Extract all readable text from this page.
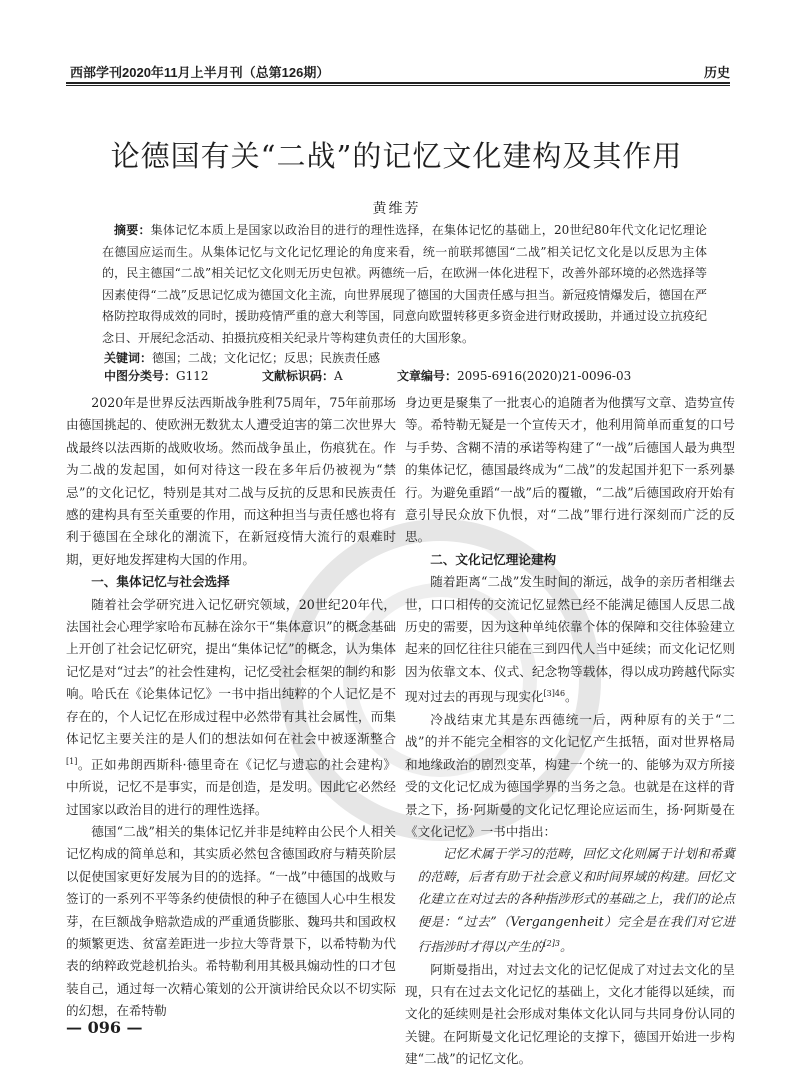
西部学刊2020年11月上半月刊（总第126期）	历史
论德国有关“二战”的记忆文化建构及其作用
黄维芳
摘要：集体记忆本质上是国家以政治目的进行的理性选择，在集体记忆的基础上，20世纪80年代文化记忆理论在德国应运而生。从集体记忆与文化记忆理论的角度来看，统一前联邦德国“二战”相关记忆文化是以反思为主体的，民主德国“二战”相关记忆文化则无历史包袱。两德统一后，在欧洲一体化进程下，改善外部环境的必然选择等因素使得“二战”反思记忆成为德国文化主流，向世界展现了德国的大国责任感与担当。新冠疫情爆发后，德国在严格防控取得成效的同时，援助疫情严重的意大利等国，同意向欧盟转移更多资金进行财政援助，并通过设立抗疫纪念日、开展纪念活动、拍摄抗疫相关纪录片等构建负责任的大国形象。
关键词：德国；二战；文化记忆；反思；民族责任感
中图分类号：G112	文献标识码：A	文章编号：2095-6916(2020)21-0096-03

2020年是世界反法西斯战争胜利75周年，75年前那场由德国挑起的、使欧洲无数犹太人遭受迫害的第二次世界大战最终以法西斯的战败收场。然而战争虽止，伤痕犹在。作为二战的发起国，如何对待这一段在多年后仍被视为“禁忌”的文化记忆，特别是其对二战与反抗的反思和民族责任感的建构具有至关重要的作用，而这种担当与责任感也将有利于德国在全球化的潮流下，在新冠疫情大流行的艰难时期，更好地发挥建构大国的作用。

一、集体记忆与社会选择

随着社会学研究进入记忆研究领域，20世纪20年代，法国社会心理学家哈布瓦赫在涂尔干“集体意识”的概念基础上开创了社会记忆研究，提出“集体记忆”的概念，认为集体记忆是对“过去”的社会性建构，记忆受社会框架的制约和影响。哈氏在《论集体记忆》一书中指出纯粹的个人记忆是不存在的，个人记忆在形成过程中必然带有其社会属性，而集体记忆主要关注的是人们的想法如何在社会中被逐渐整合[1]。正如弗朗西斯科·德里奇在《记忆与遗忘的社会建构》中所说，记忆不是事实，而是创造，是发明。因此它必然经过国家以政治目的进行的理性选择。

德国“二战”相关的集体记忆并非是纯粹由公民个人相关记忆构成的简单总和，其实质必然包含德国政府与精英阶层以促使国家更好发展为目的的选择。“一战”中德国的战败与签订的一系列不平等条约使债恨的种子在德国人心中生根发芽，在巨额战争赔款造成的严重通货膨胀、魏玛共和国政权的频繁更迭、贫富差距进一步拉大等背景下，以希特勒为代表的纳粹政党趁机抬头。希特勒利用其极具煽动性的口才包装自己，通过每一次精心策划的公开演讲给民众以不切实际的幻想，在希特勒

身边更是聚集了一批衷心的追随者为他撰写文章、造势宣传等。希特勒无疑是一个宣传天才，他利用简单而重复的口号与手势、含糊不清的承诺等构建了“一战”后德国人最为典型的集体记忆，德国最终成为“二战”的发起国并犯下一系列暴行。为避免重蹈“一战”后的覆辙，“二战”后德国政府开始有意引导民众放下仇恨，对“二战”罪行进行深刻而广泛的反思。

二、文化记忆理论建构

随着距离“二战”发生时间的渐远，战争的亲历者相继去世，口口相传的交流记忆显然已经不能满足德国人反思二战历史的需要，因为这种单纯依靠个体的保障和交往体验建立起来的回忆往往只能在三到四代人当中延续；而文化记忆则因为依靠文本、仪式、纪念物等载体，得以成功跨越代际实现对过去的再现与现实化$^{[3]46}$。

冷战结束尤其是东西德统一后，两种原有的关于“二战”的并不能完全相容的文化记忆产生抵牾，面对世界格局和地缘政治的剧烈变革，构建一个统一的、能够为双方所接受的文化记忆成为德国学界的当务之急。也就是在这样的背景之下，扬·阿斯曼的文化记忆理论应运而生，扬·阿斯曼在《文化记忆》一书中指出：

记忆术属于学习的范畴，回忆文化则属于计划和希冀的范畴，后者有助于社会意义和时间界域的构建。回忆文化建立在对过去的各种指涉形式的基础之上，我们的论点便是：“过去”（Vergangenheit）完全是在我们对它进行指涉时才得以产生的$^{[2]3}$。

阿斯曼指出，对过去文化的记忆促成了对过去文化的呈现，只有在过去文化记忆的基础上，文化才能得以延续，而文化的延续则是社会形成对集体文化认同与共同身份认同的关键。在阿斯曼文化记忆理论的支撑下，德国开始进一步构建“二战”的记忆文化。

— 096 —
